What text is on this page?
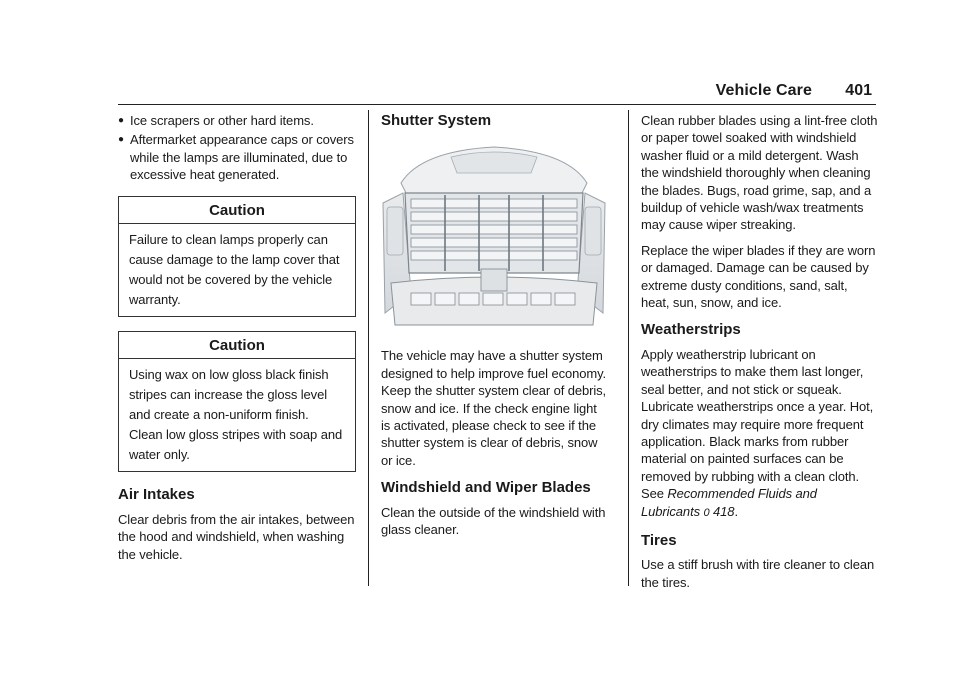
Vehicle Care 401
● Ice scrapers or other hard items.
● Aftermarket appearance caps or covers while the lamps are illuminated, due to excessive heat generated.
Caution
Failure to clean lamps properly can cause damage to the lamp cover that would not be covered by the vehicle warranty.
Caution
Using wax on low gloss black finish stripes can increase the gloss level and create a non-uniform finish. Clean low gloss stripes with soap and water only.
Air Intakes

Clear debris from the air intakes, between the hood and windshield, when washing the vehicle.

Shutter System

The vehicle may have a shutter system designed to help improve fuel economy. Keep the shutter system clear of debris, snow and ice. If the check engine light is activated, please check to see if the shutter system is clear of debris, snow or ice.

Windshield and Wiper Blades

Clean the outside of the windshield with glass cleaner.

Clean rubber blades using a lint-free cloth or paper towel soaked with windshield washer fluid or a mild detergent. Wash the windshield thoroughly when cleaning the blades. Bugs, road grime, sap, and a buildup of vehicle wash/wax treatments may cause wiper streaking.

Replace the wiper blades if they are worn or damaged. Damage can be caused by extreme dusty conditions, sand, salt, heat, sun, snow, and ice.

Weatherstrips

Apply weatherstrip lubricant on weatherstrips to make them last longer, seal better, and not stick or squeak. Lubricate weatherstrips once a year. Hot, dry climates may require more frequent application. Black marks from rubber material on painted surfaces can be removed by rubbing with a clean cloth. See Recommended Fluids and Lubricants 0 418.

Tires

Use a stiff brush with tire cleaner to clean the tires.
